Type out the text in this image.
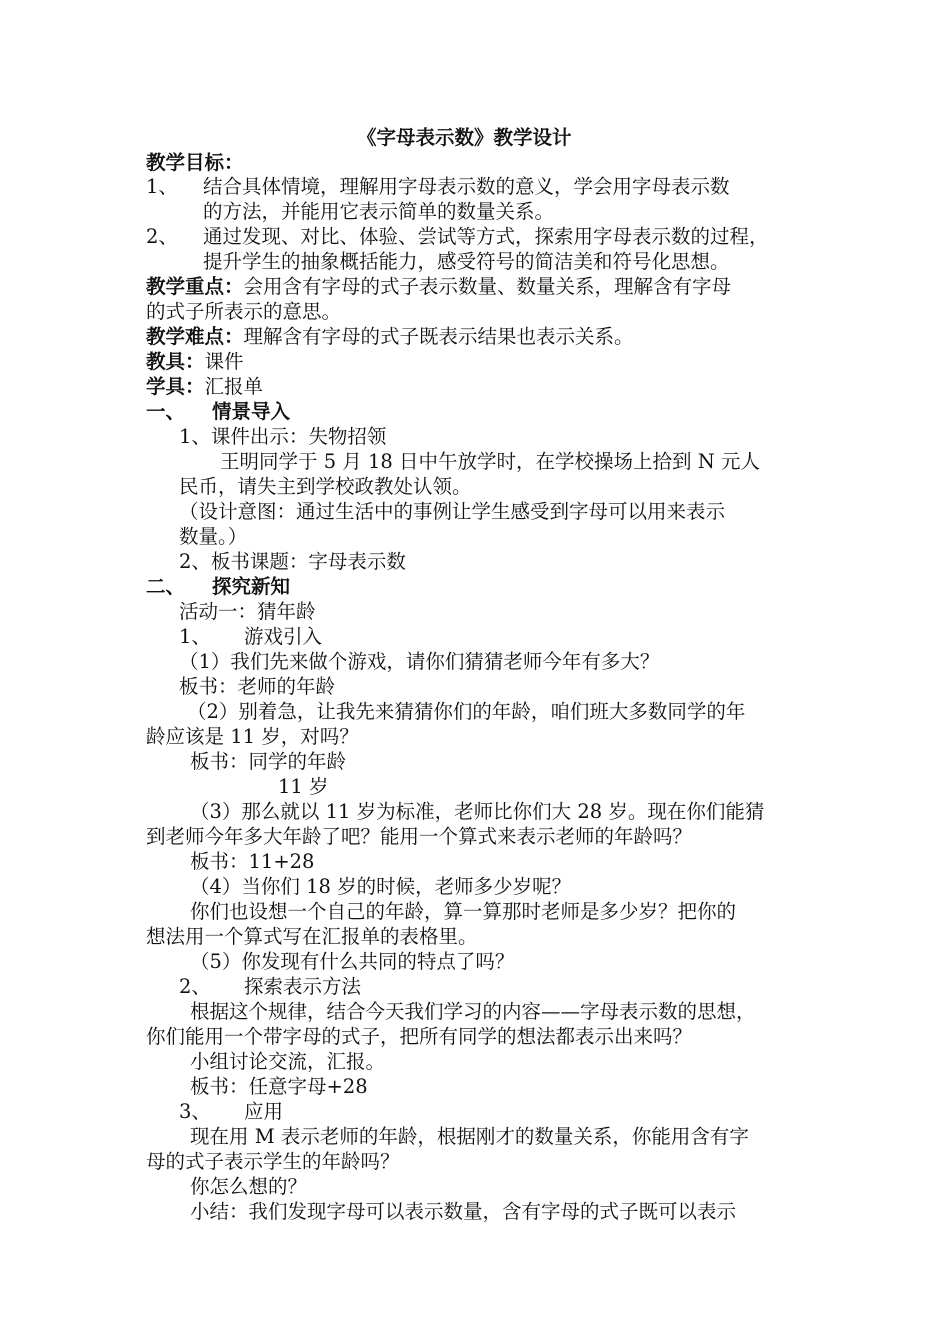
《字母表示数》教学设计
教学目标：
1、 结合具体情境，理解用字母表示数的意义，学会用字母表示数
的方法，并能用它表示简单的数量关系。
2、 通过发现、对比、体验、尝试等方式，探索用字母表示数的过程，
提升学生的抽象概括能力，感受符号的简洁美和符号化思想。
教学重点：会用含有字母的式子表示数量、数量关系，理解含有字母
的式子所表示的意思。
教学难点：理解含有字母的式子既表示结果也表示关系。
教具：课件
学具：汇报单
一、 情景导入
1、课件出示：失物招领
王明同学于 5 月 18 日中午放学时，在学校操场上拾到 N 元人
民币，请失主到学校政教处认领。
（设计意图：通过生活中的事例让学生感受到字母可以用来表示
数量。）
2、板书课题：字母表示数
二、 探究新知
活动一：猜年龄
1、 游戏引入
（1）我们先来做个游戏，请你们猜猜老师今年有多大？
板书：老师的年龄
（2）别着急，让我先来猜猜你们的年龄，咱们班大多数同学的年
龄应该是 11 岁，对吗？
板书：同学的年龄
11 岁
（3）那么就以 11 岁为标准，老师比你们大 28 岁。现在你们能猜
到老师今年多大年龄了吧？能用一个算式来表示老师的年龄吗？
板书：11+28
（4）当你们 18 岁的时候，老师多少岁呢？
你们也设想一个自己的年龄，算一算那时老师是多少岁？把你的
想法用一个算式写在汇报单的表格里。
（5）你发现有什么共同的特点了吗？
2、 探索表示方法
根据这个规律，结合今天我们学习的内容——字母表示数的思想，
你们能用一个带字母的式子，把所有同学的想法都表示出来吗？
小组讨论交流，汇报。
板书：任意字母+28
3、 应用
现在用 M 表示老师的年龄，根据刚才的数量关系，你能用含有字
母的式子表示学生的年龄吗？
你怎么想的？
小结：我们发现字母可以表示数量，含有字母的式子既可以表示
